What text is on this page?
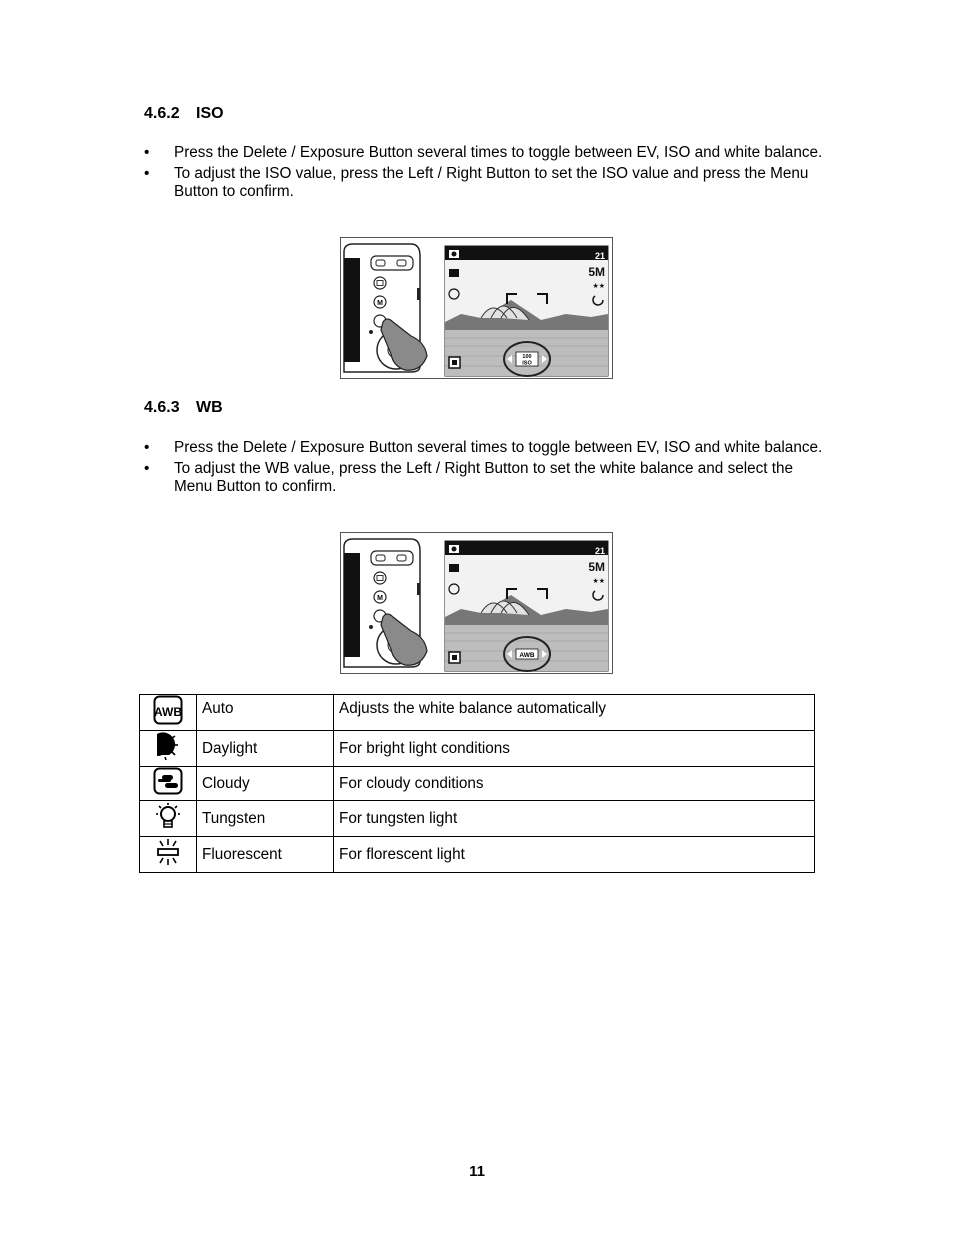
4.6.2 ISO
• Press the Delete / Exposure Button several times to toggle between EV, ISO and white balance.
• To adjust the ISO value, press the Left / Right Button to set the ISO value and press the Menu Button to confirm.
M
21
5M
★★
100
ISO
4.6.3 WB
• Press the Delete / Exposure Button several times to toggle between EV, ISO and white balance.
• To adjust the WB value, press the Left / Right Button to set the white balance and select the Menu Button to confirm.
M
21
5M
★★
AWB
AWB	Auto	Adjusts the white balance automatically
	Daylight	For bright light conditions
	Cloudy	For cloudy conditions
	Tungsten	For tungsten light
	Fluorescent	For florescent light
11
